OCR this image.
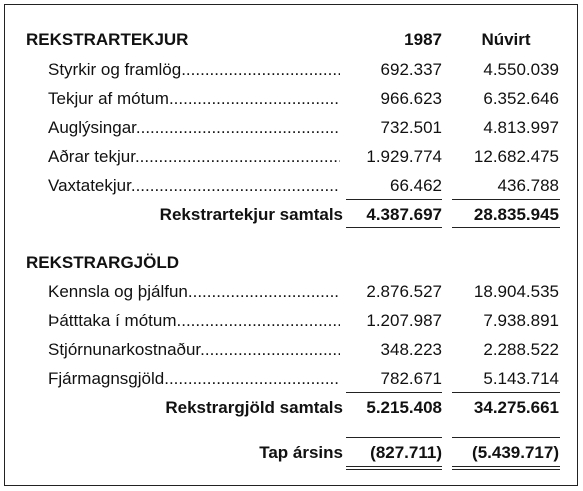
REKSTRARTEKJUR	1987	Núvirt
Styrkir og framlög .....	692.337 4.550.039
Tekjur af mótum .....	966.623 6.352.646
Auglýsingar .....	732.501 4.813.997
Aðrar tekjur .....	1.929.774 12.682.475
Vaxtatekjur .....	66.462	436.788
Rekstrartekjur samtals 4.387.697 28.835.945
REKSTRARGJÖLD
Kennsla og þjálfun .....	2.876.527 18.904.535
Þátttaka í mótum .....	1.207.987 7.938.891
Stjórnunarkostnaður .....	348.223 2.288.522
Fjármagnsgjöld .....	782.671 5.143.714
Rekstrargjöld samtals 5.215.408 34.275.661
Tap ársins (827.711) (5.439.717)
